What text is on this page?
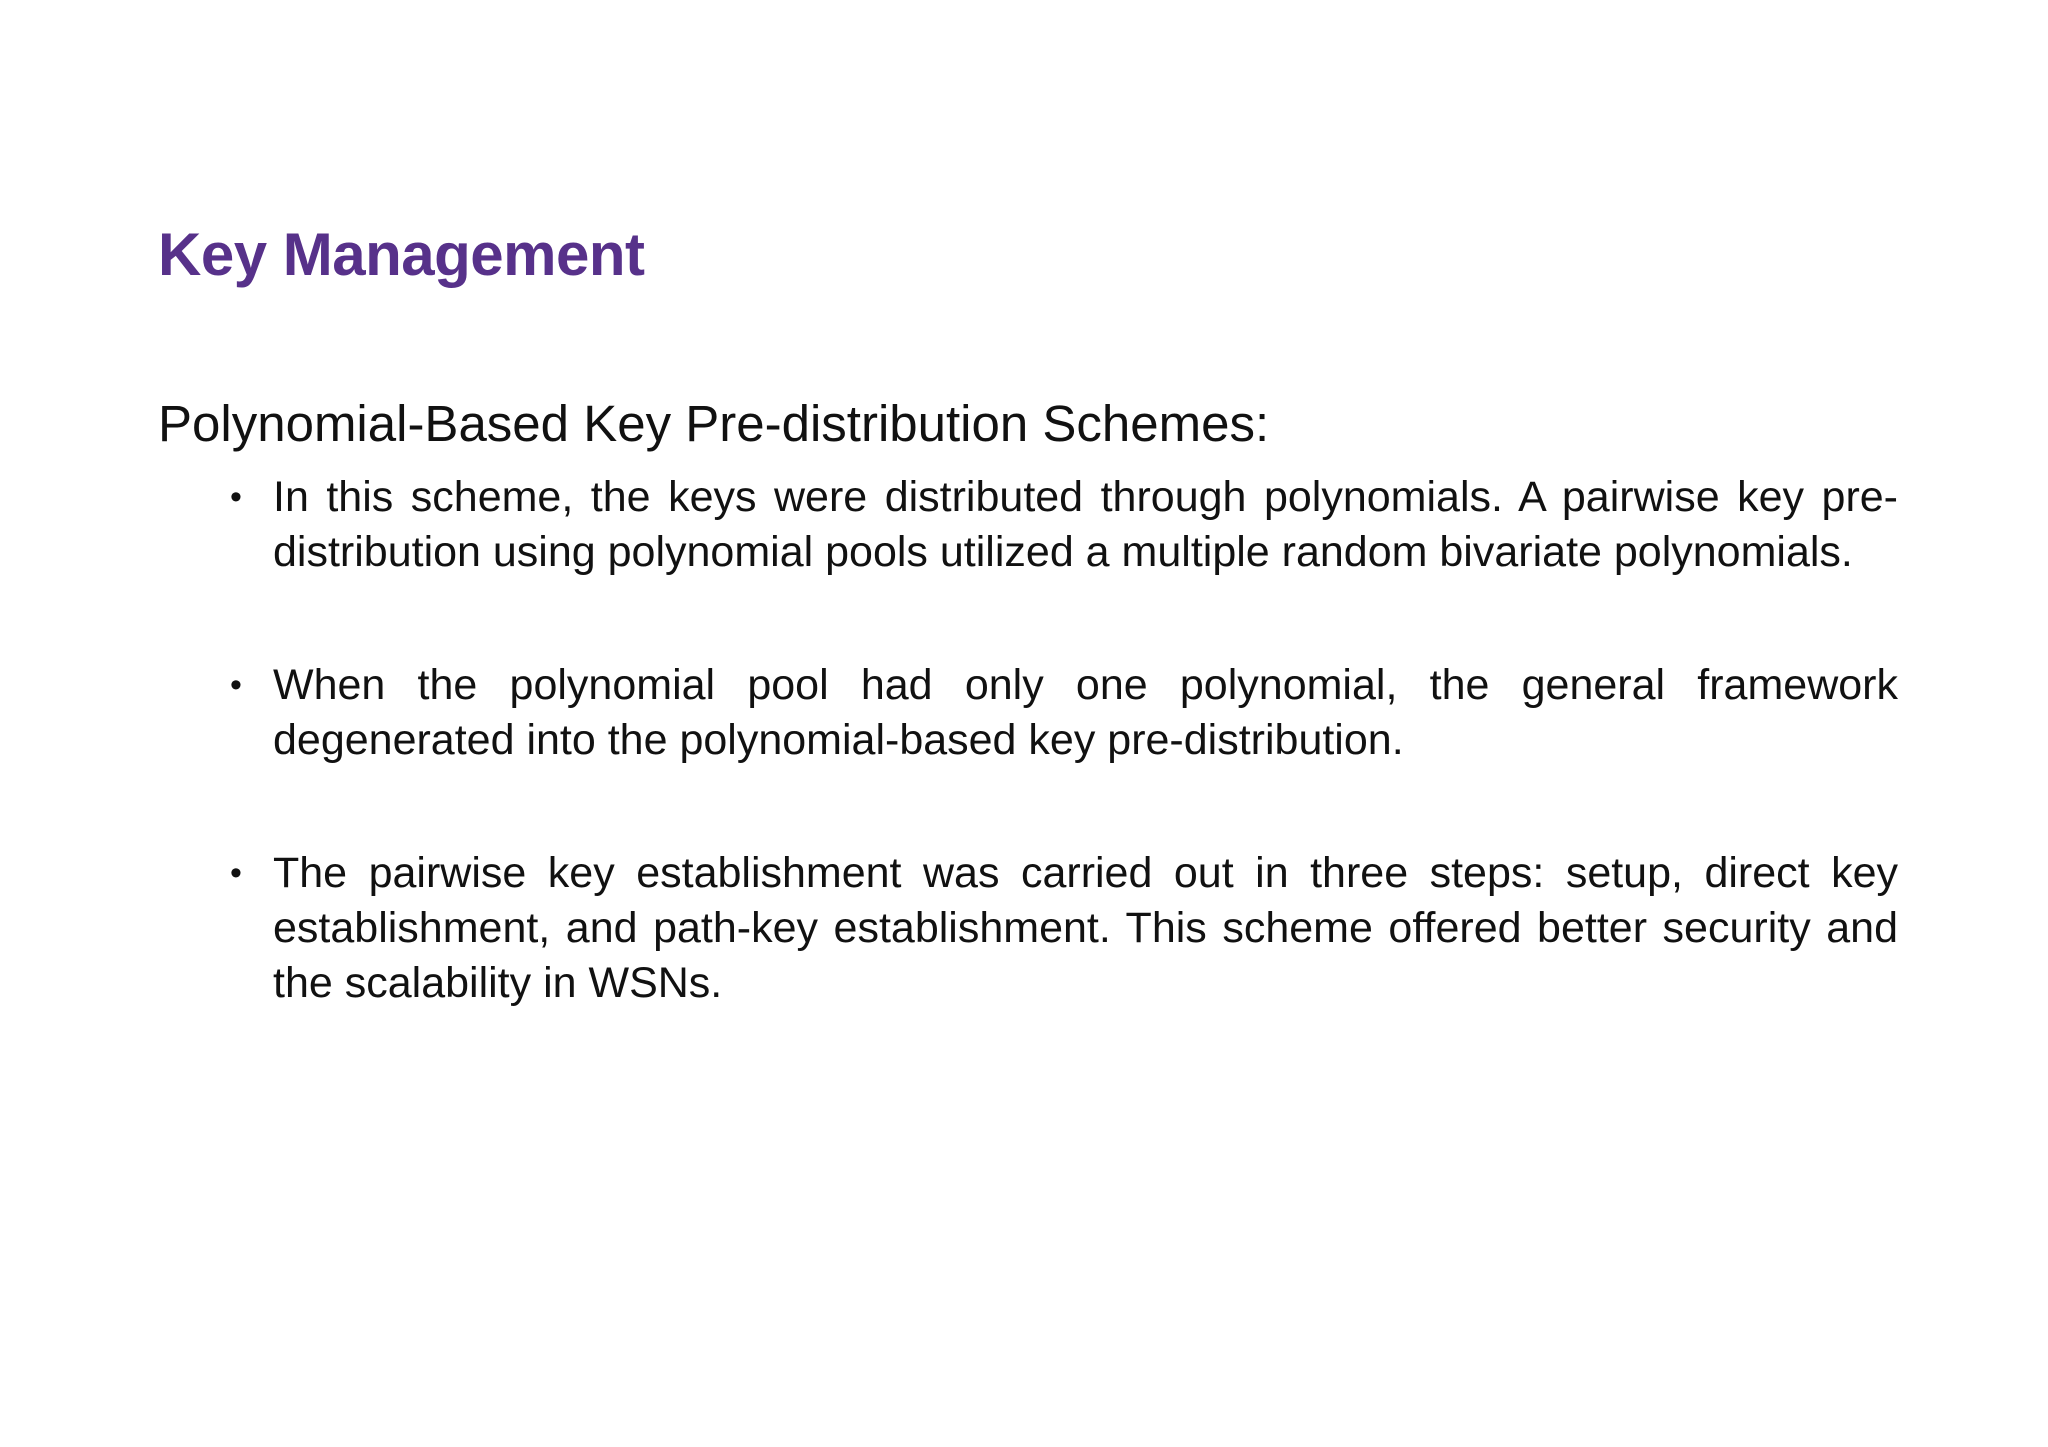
Key Management

Polynomial-Based Key Pre-distribution Schemes:

• In this scheme, the keys were distributed through polynomials. A pairwise key pre-distribution using polynomial pools utilized a multiple random bivariate polynomials.
• When the polynomial pool had only one polynomial, the general framework degenerated into the polynomial-based key pre-distribution.
• The pairwise key establishment was carried out in three steps: setup, direct key establishment, and path-key establishment. This scheme offered better security and the scalability in WSNs.
